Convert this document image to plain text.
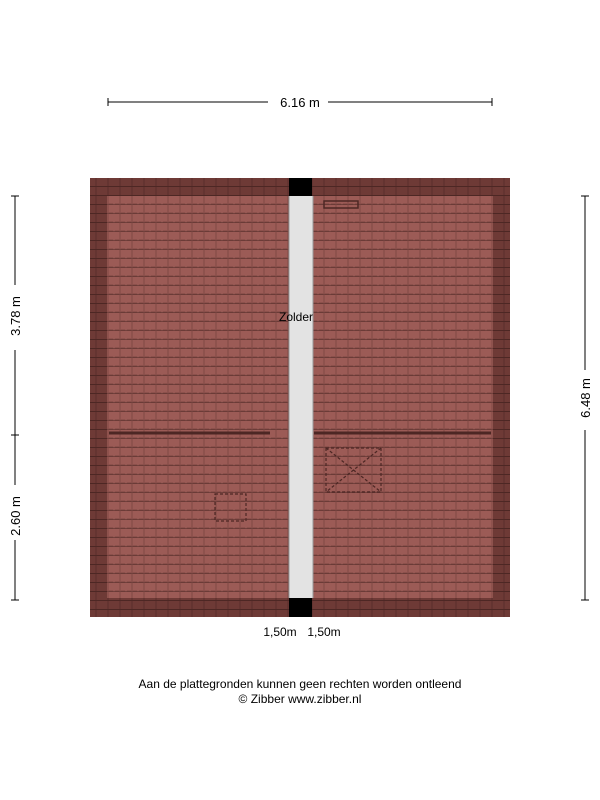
6.16 m
3.78 m
2.60 m
6.48 m
Zolder
1,50m 1,50m
Aan de plattegronden kunnen geen rechten worden ontleend
© Zibber www.zibber.nl
